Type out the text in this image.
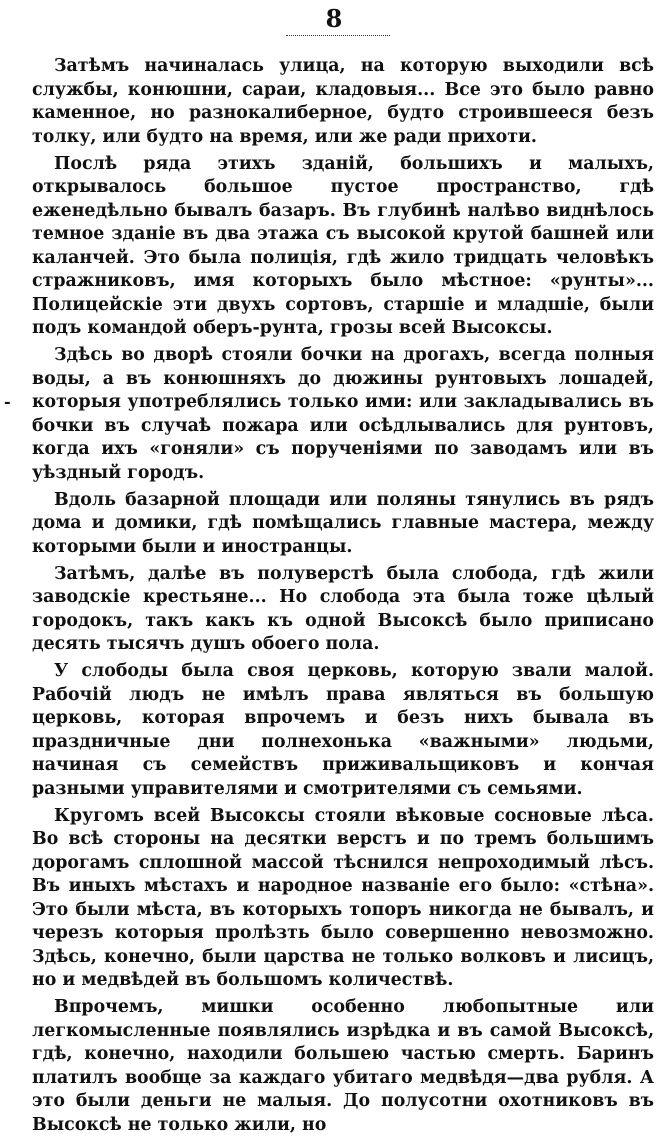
8
-

Затѣмъ начиналась улица, на которую выходили всѣ службы, конюшни, сараи, кладовыя... Все это было равно каменное, но разнокалиберное, будто строившееся безъ толку, или будто на время, или же ради прихоти.

Послѣ ряда этихъ зданій, большихъ и малыхъ, открывалось большое пустое пространство, гдѣ еженедѣльно бывалъ базаръ. Въ глубинѣ налѣво виднѣлось темное зданіе въ два этажа съ высокой крутой башней или каланчей. Это была полиція, гдѣ жило тридцать человѣкъ стражниковъ, имя которыхъ было мѣстное: «рунты»... Полицейскіе эти двухъ сортовъ, старшіе и младшіе, были подъ командой оберъ-рунта, грозы всей Высоксы.

Здѣсь во дворѣ стояли бочки на дрогахъ, всегда полныя воды, а въ конюшняхъ до дюжины рунтовыхъ лошадей, которыя употреблялись только ими: или закладывались въ бочки въ случаѣ пожара или осѣдлывались для рунтовъ, когда ихъ «гоняли» съ порученіями по заводамъ или въ уѣздный городъ.

Вдоль базарной площади или поляны тянулись въ рядъ дома и домики, гдѣ помѣщались главные мастера, между которыми были и иностранцы.

Затѣмъ, далѣе въ полуверстѣ была слобода, гдѣ жили заводскіе крестьяне... Но слобода эта была тоже цѣлый городокъ, такъ какъ къ одной Высоксѣ было приписано десять тысячъ душъ обоего пола.

У слободы была своя церковь, которую звали малой. Рабочій людъ не имѣлъ права являться въ большую церковь, которая впрочемъ и безъ нихъ бывала въ праздничные дни полнехонька «важными» людьми, начиная съ семействъ приживальщиковъ и кончая разными управителями и смотрителями съ семьями.

Кругомъ всей Высоксы стояли вѣковые сосновые лѣса. Во всѣ стороны на десятки верстъ и по тремъ большимъ дорогамъ сплошной массой тѣснился непроходимый лѣсъ. Въ иныхъ мѣстахъ и народное названіе его было: «стѣна». Это были мѣста, въ которыхъ топоръ никогда не бывалъ, и черезъ которыя пролѣзть было совершенно невозможно. Здѣсь, конечно, были царства не только волковъ и лисицъ, но и медвѣдей въ большомъ количествѣ.

Впрочемъ, мишки особенно любопытные или легкомысленные появлялись изрѣдка и въ самой Высоксѣ, гдѣ, конечно, находили большею частью смерть. Баринъ платилъ вообще за каждаго убитаго медвѣдя—два рубля. А это были деньги не малыя. До полусотни охотниковъ въ Высоксѣ не только жили, но
